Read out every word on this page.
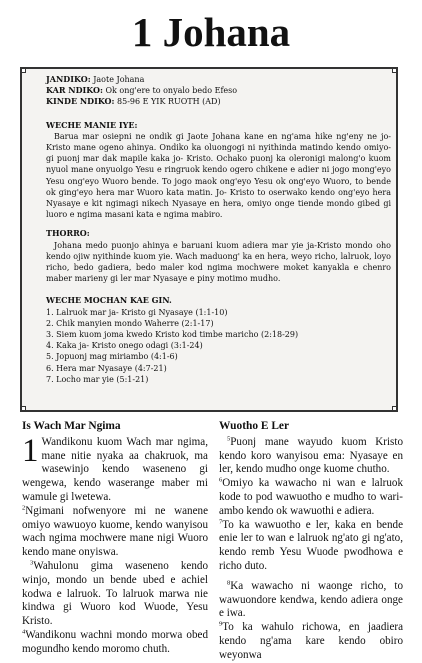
1 Johana
JANDIKO: Jaote Johana
KAR NDIKO: Ok ong'ere to onyalo bedo Efeso
KINDE NDIKO: 85-96 E YIK RUOTH (AD)
WECHE MANIE IYE:

Barua mar osiepni ne ondik gi Jaote Johana kane en ng'ama hike ng'eny ne jo-Kristo mane ogeno ahinya. Ondiko ka oluongogi ni nyithinda matindo kendo omiyo-gi puonj mar dak mapile kaka jo- Kristo. Ochako puonj ka oleronigi malong'o kuom nyuol mane onyuolgo Yesu e ringruok kendo ogero chikene e adier ni jogo mong'eyo Yesu ong'eyo Wuoro bende. To jogo maok ong'eyo Yesu ok ong'eyo Wuoro, to bende ok ging'eyo hera mar Wuoro kata matin. Jo- Kristo to oserwako kendo ong'eyo hera Nyasaye e kit ngimagi nikech Nyasaye en hera, omiyo onge tiende mondo gibed gi luoro e ngima masani kata e ngima mabiro.

THORRO:

Johana medo puonjo ahinya e baruani kuom adiera mar yie ja-Kristo mondo oho kendo ojiw nyithinde kuom yie. Wach maduong' ka en hera, weyo richo, lalruok, loyo richo, bedo gadiera, bedo maler kod ngima mochwere moket kanyakla e chenro maber marieny gi ler mar Nyasaye e piny motimo mudho.

WECHE MOCHAN KAE GIN.
1. Lalruok mar ja- Kristo gi Nyasaye (1:1-10)
2. Chik manyien mondo Waherre (2:1-17)
3. Siem kuom joma kwedo Kristo kod timbe maricho (2:18-29)
4. Kaka ja- Kristo onego odagi (3:1-24)
5. Jopuonj mag miriambo (4:1-6)
6. Hera mar Nyasaye (4:7-21)
7. Locho mar yie (5:1-21)
Is Wach Mar Ngima

1 Wandikonu kuom Wach mar ngima, mane nitie nyaka aa chakruok, ma wasewinjo kendo waseneno gi wengewa, kendo waserange maber mi wamule gi lwetewa.

$^2$Ngimani nofwenyore mi ne wanene omiyo wawuoyo kuome, kendo wanyisou wach ngima mochwere mane nigi Wuoro kendo mane onyiswa.

$^3$Wahulonu gima waseneno kendo winjo, mondo un bende ubed e achiel kodwa e lalruok. To lalruok marwa nie kindwa gi Wuoro kod Wuode, Yesu Kristo.

$^4$Wandikonu wachni mondo morwa obed mogundho kendo moromo chuth.

Wuotho E Ler

$^5$Puonj mane wayudo kuom Kristo kendo koro wanyisou ema: Nyasaye en ler, kendo mudho onge kuome chutho.

$^6$Omiyo ka wawacho ni wan e lalruok kode to pod wawuotho e mudho to wari-ambo kendo ok wawuothi e adiera.

$^7$To ka wawuotho e ler, kaka en bende enie ler to wan e lalruok ng'ato gi ng'ato, kendo remb Yesu Wuode pwodhowa e richo duto.

$^8$Ka wawacho ni waonge richo, to wawuondore kendwa, kendo adiera onge e iwa.

$^9$To ka wahulo richowa, en jaadiera kendo ng'ama kare kendo obiro weyonwa
